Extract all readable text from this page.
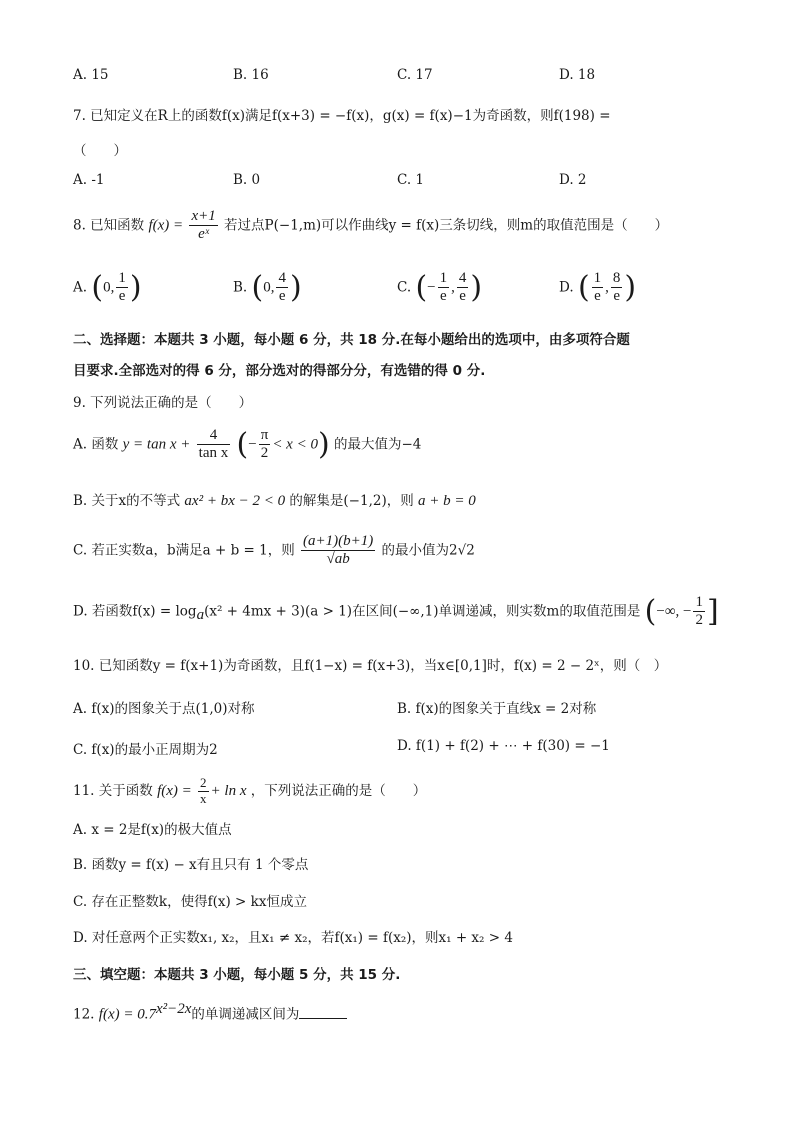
A. 15	B. 16	C. 17	D. 18
7. 已知定义在R上的函数f(x)满足f(x+3) = −f(x)，g(x) = f(x)−1为奇函数，则f(198) =
（　　）
A. -1	B. 0	C. 1	D. 2
8. 已知函数 $f(x) = \frac{x+1}{\text{eˣ}}$ 若过点P(−1,m)可以作曲线y = f(x)三条切线，则m的取值范围是（　　）
A. (0, $\frac{1}{e}$ )	B. (0, $\frac{4}{e}$ )	C. (− $\frac{1}{e}$ , $\frac{4}{e}$ )	D. ( $\frac{1}{e}$ , $\frac{8}{e}$ )
二、选择题：本题共 3 小题，每小题 6 分，共 18 分.在每小题给出的选项中，由多项符合题
目要求.全部选对的得 6 分，部分选对的得部分分，有选错的得 0 分.
9. 下列说法正确的是（　　）
A. 函数 $y = \tan x + \frac{4}{\text{tan x}}$ (− $\frac{\pi}{2} < x < 0$) 的最大值为−4
B. 关于x的不等式 ax² + bx − 2 < 0 的解集是(−1,2)，则 a + b = 0
C. 若正实数a，b满足a + b = 1，则 $\frac{(a+1)(b+1)}{√ab}$ 的最小值为2√2
D. 若函数$f(x) = \log_a(x^2 + 4mx + 3)(a > 1)$在区间(−∞,1)单调递减，则实数m的取值范围是 (−∞, − $\frac{1}{2}$ ]
10. 已知函数y = f(x+1)为奇函数，且f(1−x) = f(x+3)，当x∈[0,1]时，f(x) = 2 − 2ˣ，则（　）
A. f(x)的图象关于点(1,0)对称	B. f(x)的图象关于直线x = 2对称
C. f(x)的最小正周期为2	D. f(1) + f(2) + ⋯ + f(30) = −1
11. 关于函数 $f(x) = \frac{2}{x} + \ln x$ ，下列说法正确的是（　　）
A. x = 2是f(x)的极大值点
B. 函数y = f(x) − x有且只有 1 个零点
C. 存在正整数k，使得f(x) > kx恒成立
D. 对任意两个正实数x₁, x₂，且x₁ ≠ x₂，若f(x₁) = f(x₂)，则x₁ + x₂ > 4
三、填空题：本题共 3 小题，每小题 5 分，共 15 分.
12. $f(x) = 0.7^{x^2-2x}$的单调递减区间为
